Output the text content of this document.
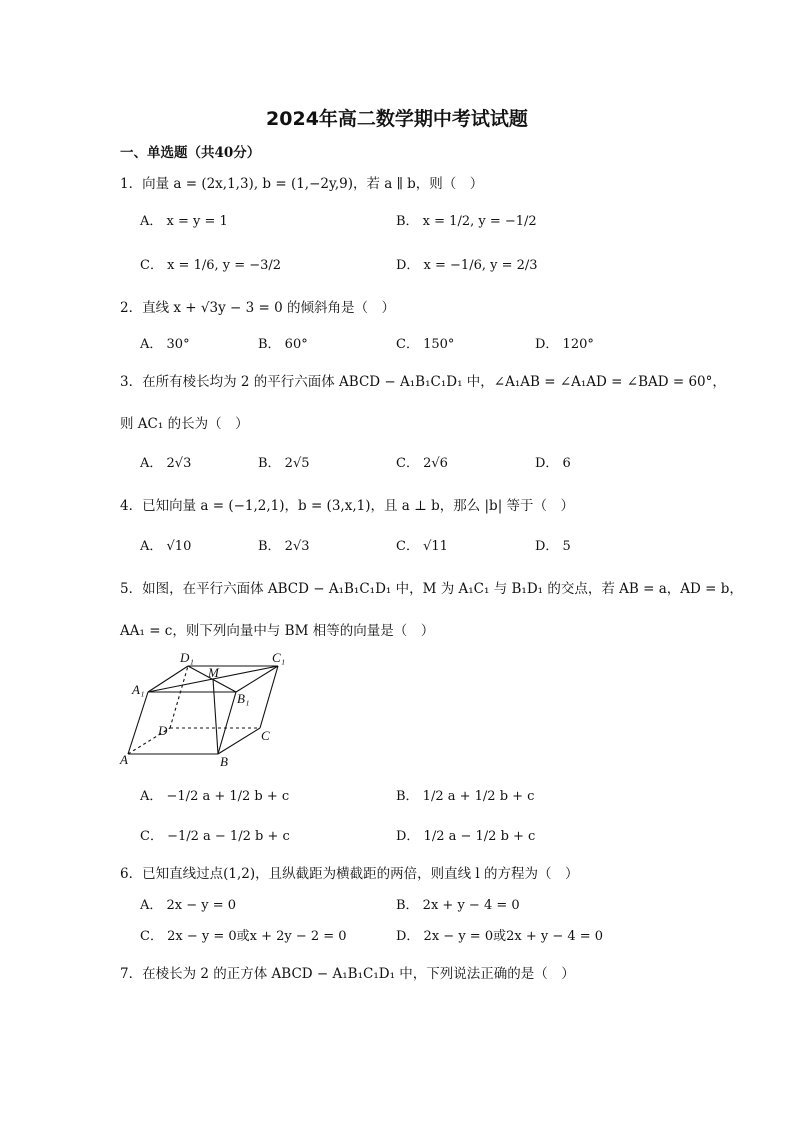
2024年高二数学期中考试试题
一、单选题（共40分）
1．向量 a = (2x,1,3), b = (1,−2y,9)，若 a ∥ b，则（　）
A． x = y = 1	B． x = 1/2, y = −1/2
C． x = 1/6, y = −3/2	D． x = −1/6, y = 2/3
2．直线 x + √3y − 3 = 0 的倾斜角是（　）
A． 30°	B． 60°	C． 150°	D． 120°
3．在所有棱长均为 2 的平行六面体 ABCD − A₁B₁C₁D₁ 中，∠A₁AB = ∠A₁AD = ∠BAD = 60°，
则 AC₁ 的长为（　）
A． 2√3	B． 2√5	C． 2√6	D． 6
4．已知向量 a = (−1,2,1)，b = (3,x,1)，且 a ⊥ b，那么 |b| 等于（　）
A． √10	B． 2√3	C． √11	D． 5
5．如图，在平行六面体 ABCD − A₁B₁C₁D₁ 中，M 为 A₁C₁ 与 B₁D₁ 的交点，若 AB = a，AD = b，
AA₁ = c，则下列向量中与 BM 相等的向量是（　）
D₁	C₁
A₁
M
B₁
D	C
A	B
A． −1/2 a + 1/2 b + c	B． 1/2 a + 1/2 b + c
C． −1/2 a − 1/2 b + c	D． 1/2 a − 1/2 b + c
6．已知直线过点(1,2)，且纵截距为横截距的两倍，则直线 l 的方程为（　）
A． 2x − y = 0	B． 2x + y − 4 = 0
C． 2x − y = 0或x + 2y − 2 = 0	D． 2x − y = 0或2x + y − 4 = 0
7．在棱长为 2 的正方体 ABCD − A₁B₁C₁D₁ 中，下列说法正确的是（　）
